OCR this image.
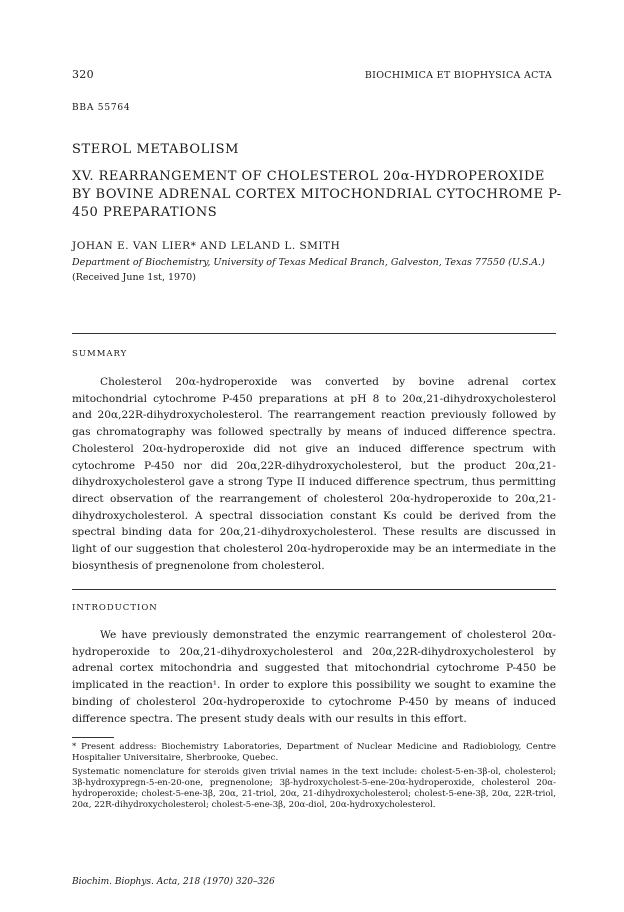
320	BIOCHIMICA ET BIOPHYSICA ACTA
BBA 55764
STEROL METABOLISM
XV. REARRANGEMENT OF CHOLESTEROL 20α-HYDROPEROXIDE BY BOVINE ADRENAL CORTEX MITOCHONDRIAL CYTOCHROME P-450 PREPARATIONS
JOHAN E. VAN LIER* AND LELAND L. SMITH
Department of Biochemistry, University of Texas Medical Branch, Galveston, Texas 77550 (U.S.A.)
(Received June 1st, 1970)
SUMMARY

Cholesterol 20α-hydroperoxide was converted by bovine adrenal cortex mitochondrial cytochrome P-450 preparations at pH 8 to 20α,21-dihydroxycholesterol and 20α,22R-dihydroxycholesterol. The rearrangement reaction previously followed by gas chromatography was followed spectrally by means of induced difference spectra. Cholesterol 20α-hydroperoxide did not give an induced difference spectrum with cytochrome P-450 nor did 20α,22R-dihydroxycholesterol, but the product 20α,21-dihydroxycholesterol gave a strong Type II induced difference spectrum, thus permitting direct observation of the rearrangement of cholesterol 20α-hydroperoxide to 20α,21-dihydroxycholesterol. A spectral dissociation constant Ks could be derived from the spectral binding data for 20α,21-dihydroxycholesterol. These results are discussed in light of our suggestion that cholesterol 20α-hydroperoxide may be an intermediate in the biosynthesis of pregnenolone from cholesterol.

INTRODUCTION

We have previously demonstrated the enzymic rearrangement of cholesterol 20α-hydroperoxide to 20α,21-dihydroxycholesterol and 20α,22R-dihydroxycholesterol by adrenal cortex mitochondria and suggested that mitochondrial cytochrome P-450 be implicated in the reaction¹. In order to explore this possibility we sought to examine the binding of cholesterol 20α-hydroperoxide to cytochrome P-450 by means of induced difference spectra. The present study deals with our results in this effort.

* Present address: Biochemistry Laboratories, Department of Nuclear Medicine and Radiobiology, Centre Hospitalier Universitaire, Sherbrooke, Quebec.

Systematic nomenclature for steroids given trivial names in the text include: cholest-5-en-3β-ol, cholesterol; 3β-hydroxypregn-5-en-20-one, pregnenolone; 3β-hydroxycholest-5-ene-20α-hydroperoxide, cholesterol 20α-hydroperoxide; cholest-5-ene-3β, 20α, 21-triol, 20α, 21-dihydroxycholesterol; cholest-5-ene-3β, 20α, 22R-triol, 20α, 22R-dihydroxycholesterol; cholest-5-ene-3β, 20α-diol, 20α-hydroxycholesterol.

Biochim. Biophys. Acta, 218 (1970) 320–326
